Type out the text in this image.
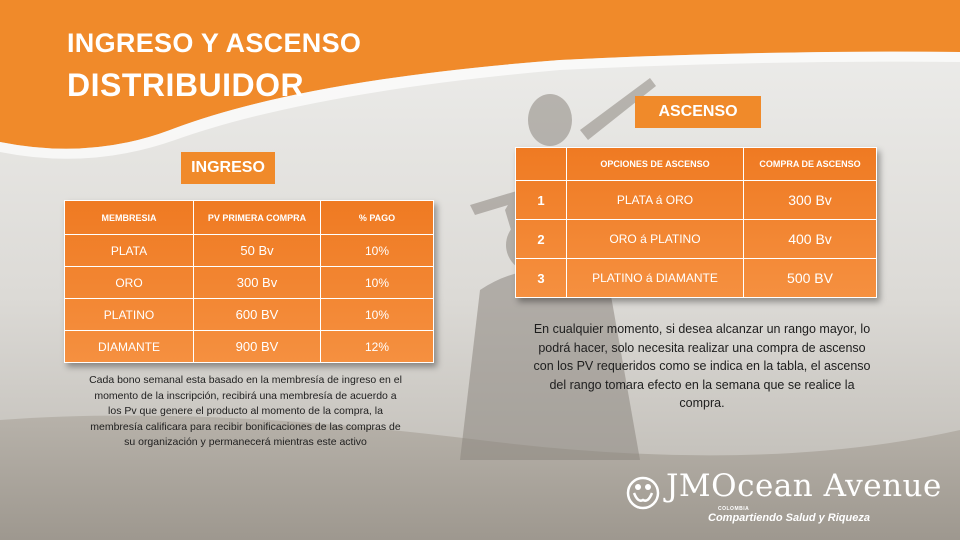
INGRESO Y ASCENSO
DISTRIBUIDOR
INGRESO
ASCENSO
MEMBRESIA	PV PRIMERA COMPRA	% PAGO
PLATA	50 Bv	10%
ORO	300 Bv	10%
PLATINO	600 BV	10%
DIAMANTE	900 BV	12%
	OPCIONES DE ASCENSO	COMPRA DE ASCENSO
1	PLATA á ORO	300 Bv
2	ORO á PLATINO	400 Bv
3	PLATINO á DIAMANTE	500 BV
Cada bono semanal esta basado en la membresía de ingreso en el momento de la inscripción, recibirá una membresía de acuerdo a los Pv que genere el producto al momento de la compra, la membresía calificara para recibir bonificaciones de las compras de su organización y permanecerá mientras este activo
En cualquier momento, si desea alcanzar un rango mayor, lo podrá hacer, solo necesita realizar una compra de ascenso con los PV requeridos como se indica en la tabla, el ascenso del rango tomara efecto en la semana que se realice la compra.
JMOcean Avenue
COLOMBIA
Compartiendo Salud y Riqueza
